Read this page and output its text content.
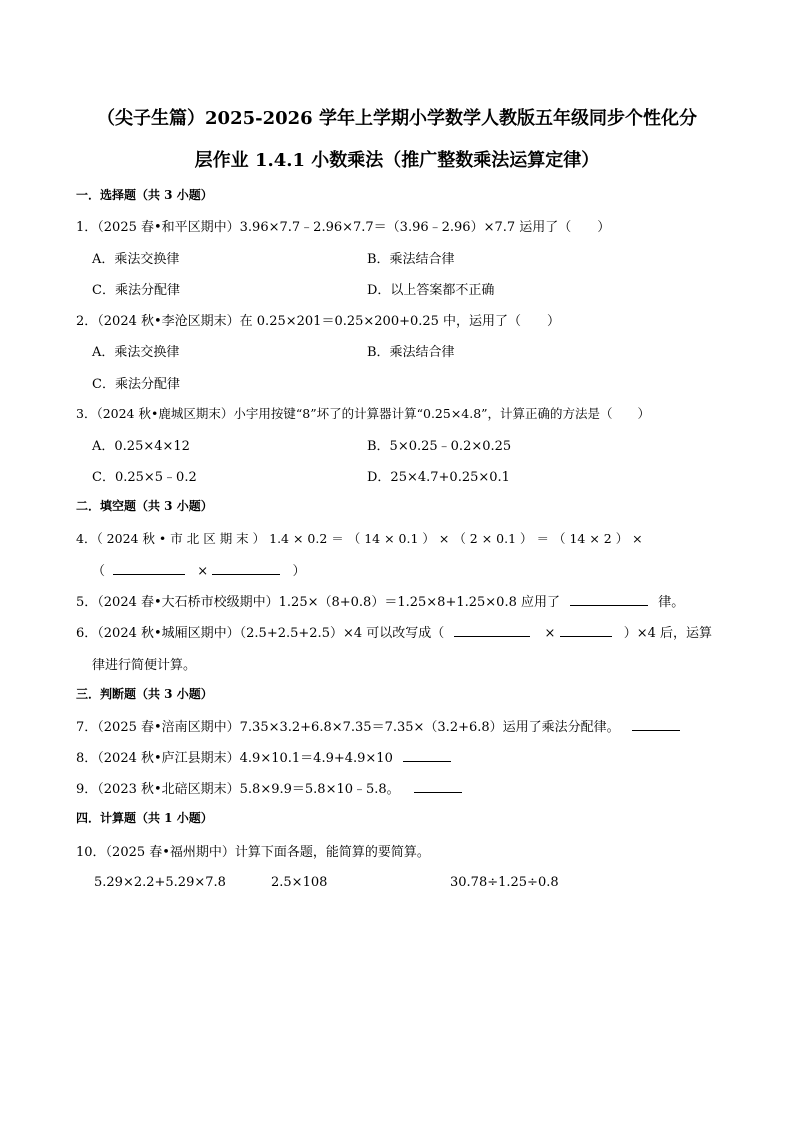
（尖子生篇）2025-2026 学年上学期小学数学人教版五年级同步个性化分
层作业 1.4.1 小数乘法（推广整数乘法运算定律）
一．选择题（共 3 小题）
1．（2025 春•和平区期中）3.96×7.7﹣2.96×7.7＝（3.96﹣2.96）×7.7 运用了（　　）
A．乘法交换律	B．乘法结合律
C．乘法分配律	D．以上答案都不正确
2．（2024 秋•李沧区期末）在 0.25×201＝0.25×200+0.25 中，运用了（　　）
A．乘法交换律	B．乘法结合律
C．乘法分配律
3．（2024 秋•鹿城区期末）小宇用按键“8”坏了的计算器计算“0.25×4.8”，计算正确的方法是（　　）
A．0.25×4×12	B．5×0.25﹣0.2×0.25
C．0.25×5﹣0.2	D．25×4.7+0.25×0.1
二．填空题（共 3 小题）
4．（ 2024 秋 • 市 北 区 期 末 ） 1.4 × 0.2 ＝ （ 14 × 0.1 ） × （ 2 × 0.1 ） ＝ （ 14 × 2 ） ×
（	×	）
5．（2024 春•大石桥市校级期中）1.25×（8+0.8）＝1.25×8+1.25×0.8 应用了	律。
6．（2024 秋•城厢区期中）（2.5+2.5+2.5）×4 可以改写成（	×	）×4 后，运算
律进行简便计算。
三．判断题（共 3 小题）
7．（2025 春•涪南区期中）7.35×3.2+6.8×7.35＝7.35×（3.2+6.8）运用了乘法分配律。
8．（2024 秋•庐江县期末）4.9×10.1＝4.9+4.9×10
9．（2023 秋•北碚区期末）5.8×9.9＝5.8×10﹣5.8。
四．计算题（共 1 小题）
10．（2025 春•福州期中）计算下面各题，能简算的要简算。
5.29×2.2+5.29×7.8	2.5×108	30.78÷1.25÷0.8
